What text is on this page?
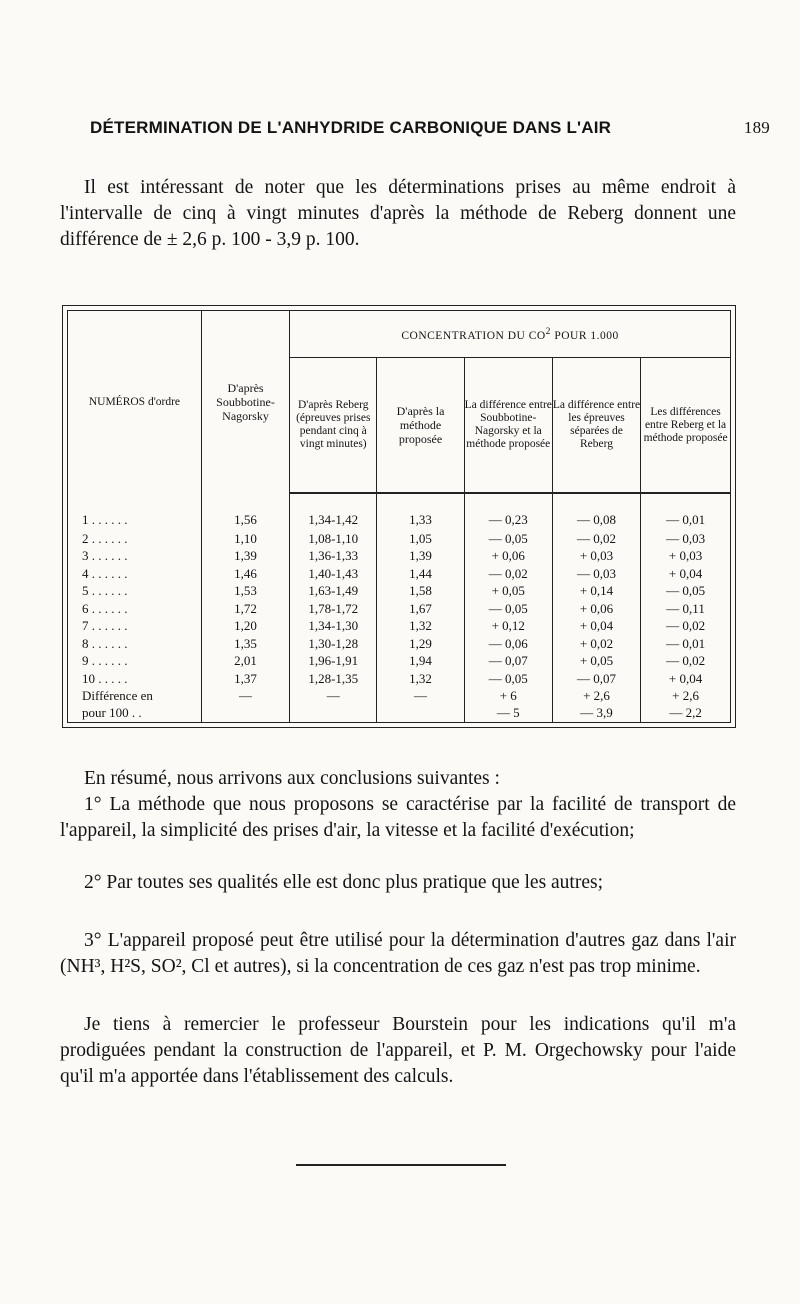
DÉTERMINATION DE L'ANHYDRIDE CARBONIQUE DANS L'AIR	189
Il est intéressant de noter que les déterminations prises au même endroit à l'intervalle de cinq à vingt minutes d'après la méthode de Reberg donnent une différence de ± 2,6 p. 100 - 3,9 p. 100.
NUMÉROS d'ordre	D'après Soubbotine-Nagorsky	CONCENTRATION DU $CO^2$ POUR 1.000				
		D'après Reberg (épreuves prises pendant cinq à vingt minutes)	D'après la méthode proposée	La différence entre Soubbotine-Nagorsky et la méthode proposée	La différence entre les épreuves séparées de Reberg	Les différences entre Reberg et la méthode proposée
1 . . . . . .	1,56	1,34-1,42	1,33	— 0,23	— 0,08	— 0,01
2 . . . . . .	1,10	1,08-1,10	1,05	— 0,05	— 0,02	— 0,03
3 . . . . . .	1,39	1,36-1,33	1,39	+ 0,06	+ 0,03	+ 0,03
4 . . . . . .	1,46	1,40-1,43	1,44	— 0,02	— 0,03	+ 0,04
5 . . . . . .	1,53	1,63-1,49	1,58	+ 0,05	+ 0,14	— 0,05
6 . . . . . .	1,72	1,78-1,72	1,67	— 0,05	+ 0,06	— 0,11
7 . . . . . .	1,20	1,34-1,30	1,32	+ 0,12	+ 0,04	— 0,02
8 . . . . . .	1,35	1,30-1,28	1,29	— 0,06	+ 0,02	— 0,01
9 . . . . . .	2,01	1,96-1,91	1,94	— 0,07	+ 0,05	— 0,02
10 . . . . .	1,37	1,28-1,35	1,32	— 0,05	— 0,07	+ 0,04
Différence en	—	—	—	+ 6	+ 2,6	+ 2,6
pour 100 . .				— 5	— 3,9	— 2,2
En résumé, nous arrivons aux conclusions suivantes :
1° La méthode que nous proposons se caractérise par la facilité de transport de l'appareil, la simplicité des prises d'air, la vitesse et la facilité d'exécution;
2° Par toutes ses qualités elle est donc plus pratique que les autres;
3° L'appareil proposé peut être utilisé pour la détermination d'autres gaz dans l'air (NH³, H²S, SO², Cl et autres), si la concentration de ces gaz n'est pas trop minime.
Je tiens à remercier le professeur Bourstein pour les indications qu'il m'a prodiguées pendant la construction de l'appareil, et P. M. Orgechowsky pour l'aide qu'il m'a apportée dans l'établissement des calculs.
